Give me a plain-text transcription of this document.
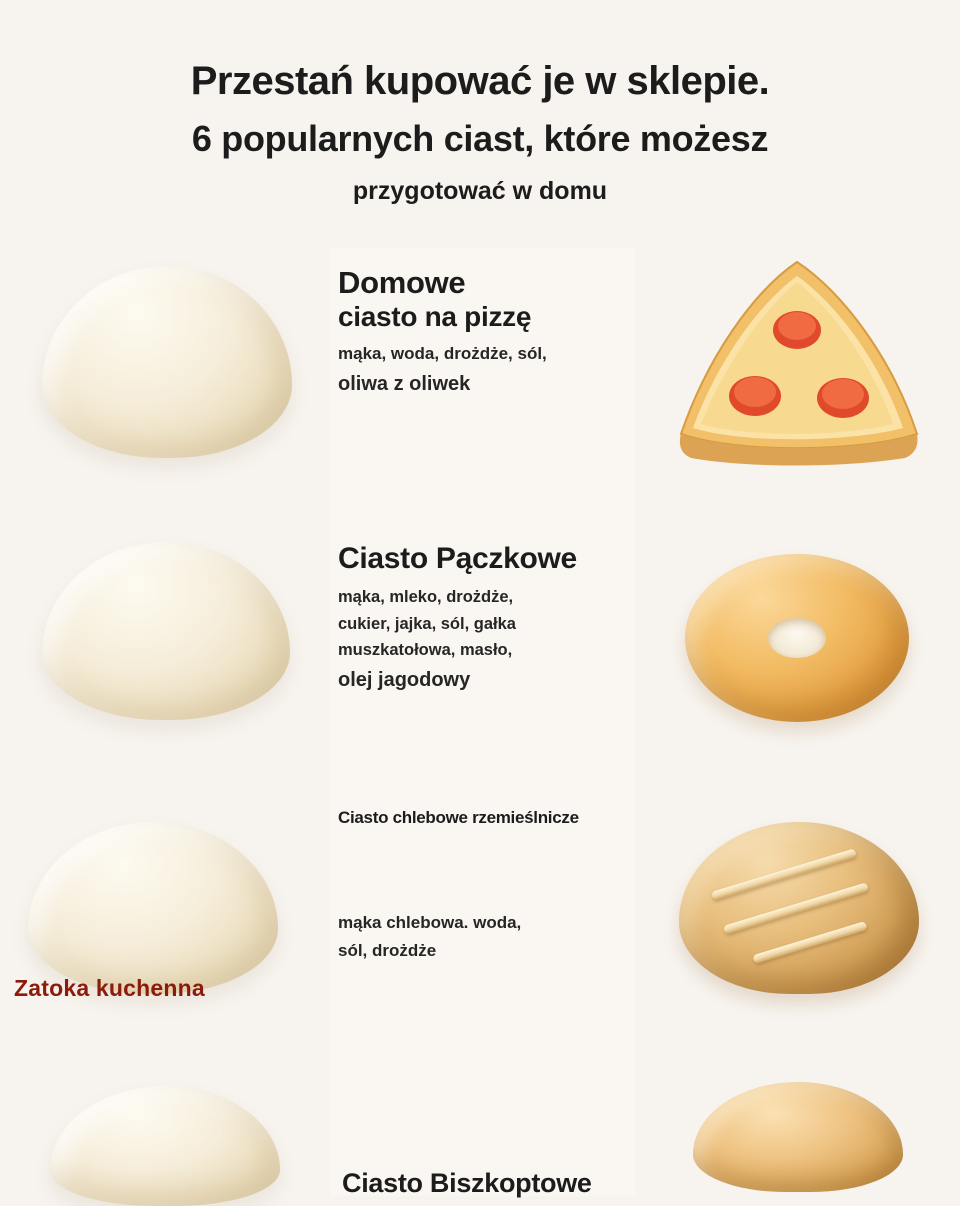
Przestań kupować je w sklepie.
6 popularnych ciast, które możesz
przygotować w domu
Domowe
ciasto na pizzę
mąka, woda, drożdże, sól,
oliwa z oliwek
Ciasto Pączkowe
mąka, mleko, drożdże,
cukier, jajka, sól, gałka
muszkatołowa, masło,
olej jagodowy
Ciasto chlebowe rzemieślnicze
mąka chlebowa. woda,
sól, drożdże
Ciasto Biszkoptowe
Zatoka kuchenna
